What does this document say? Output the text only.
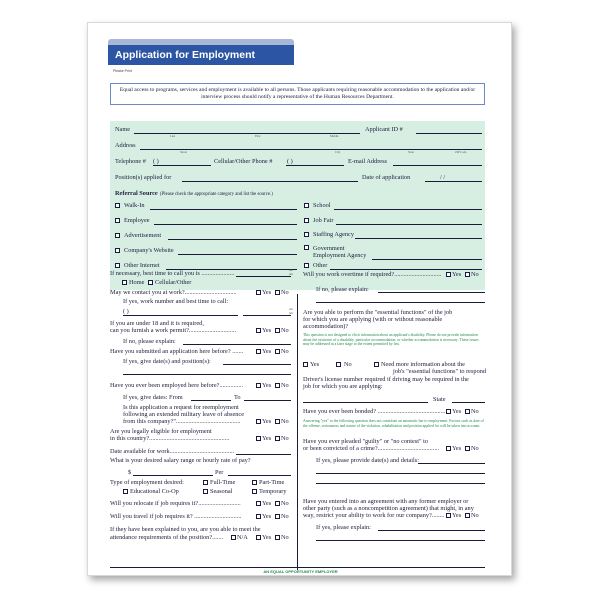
Application for Employment
Please Print
Equal access to programs, services and employment is available to all persons. Those applicants requiring reasonable accommodation to the application and/or interview process should notify a representative of the Human Resources Department.
Name
Last	First	Middle
Applicant ID #
Address
Street	City	State	ZIP Code
Telephone # ( )	Cellular/Other Phone # ( )	E-mail Address
Position(s) applied for	Date of application	/ /
Referral Source (Please check the appropriate category and list the source.)
Walk-In
Employee
Advertisement
Company's Website
Other Internet
School
Job Fair
Staffing Agency
Government
Employment Agency
Other
If necessary, best time to call you is .....................	am
pm
Home Cellular/Other
May we contact you at work?.................................	Yes No
If yes, work number and best time to call:
( )	am
pm
If you are under 18 and it is required,
can you furnish a work permit?..............................	Yes No
If no, please explain:
Have you submitted an application here before? .......	Yes No
If yes, give date(s) and position(s):
Have you ever been employed here before?...............	Yes No
If yes, give dates: From	To
Is this application a request for reemployment
following an extended military leave of absence
from this company?".........................................	Yes No
Are you legally eligible for employment
in this country?...................................................	Yes No
Date available for work.........................................
What is your desired salary range or hourly rate of pay?
$	Per
Type of employment desired:	Full-Time	Part-Time
Educational Co-Op	Seasonal	Temporary
Will you relocate if job requires it?...........................	Yes No
Will you travel if job requires it? ..............................	Yes No
If they have been explained to you, are you able to meet the
attendance requirements of the position?....... N/A Yes No
Will you work overtime if required?.............................. Yes No
If no, please explain:
Are you able to perform the "essential functions" of the job
for which you are applying (with or without reasonable
accommodation)?
This question is not designed to elicit information about an applicant's disability. Please do not provide information about the existence of a disability, particular accommodation, or whether accommodation is necessary. These issues may be addressed at a later stage to the extent permitted by law.
Yes	No	Need more information about the
job's "essential functions" to respond
Driver's license number required if driving may be required in the
job for which you are applying:
State
Have you ever been bonded? ........................................... Yes No
Answering "yes" to the following question does not constitute an automatic bar to employment. Factors such as date of the offense, seriousness and nature of the violation, rehabilitation and position applied for will be taken into account.
Have you ever pleaded "guilty" or "no contest" to
or been convicted of a crime?....................................... Yes No
If yes, please provide date(s) and details:
Have you entered into an agreement with any former employer or
other party (such as a noncompetition agreement) that might, in any
way, restrict your ability to work for our company?........ Yes No
If yes, please explain:
AN EQUAL OPPORTUNITY EMPLOYER
